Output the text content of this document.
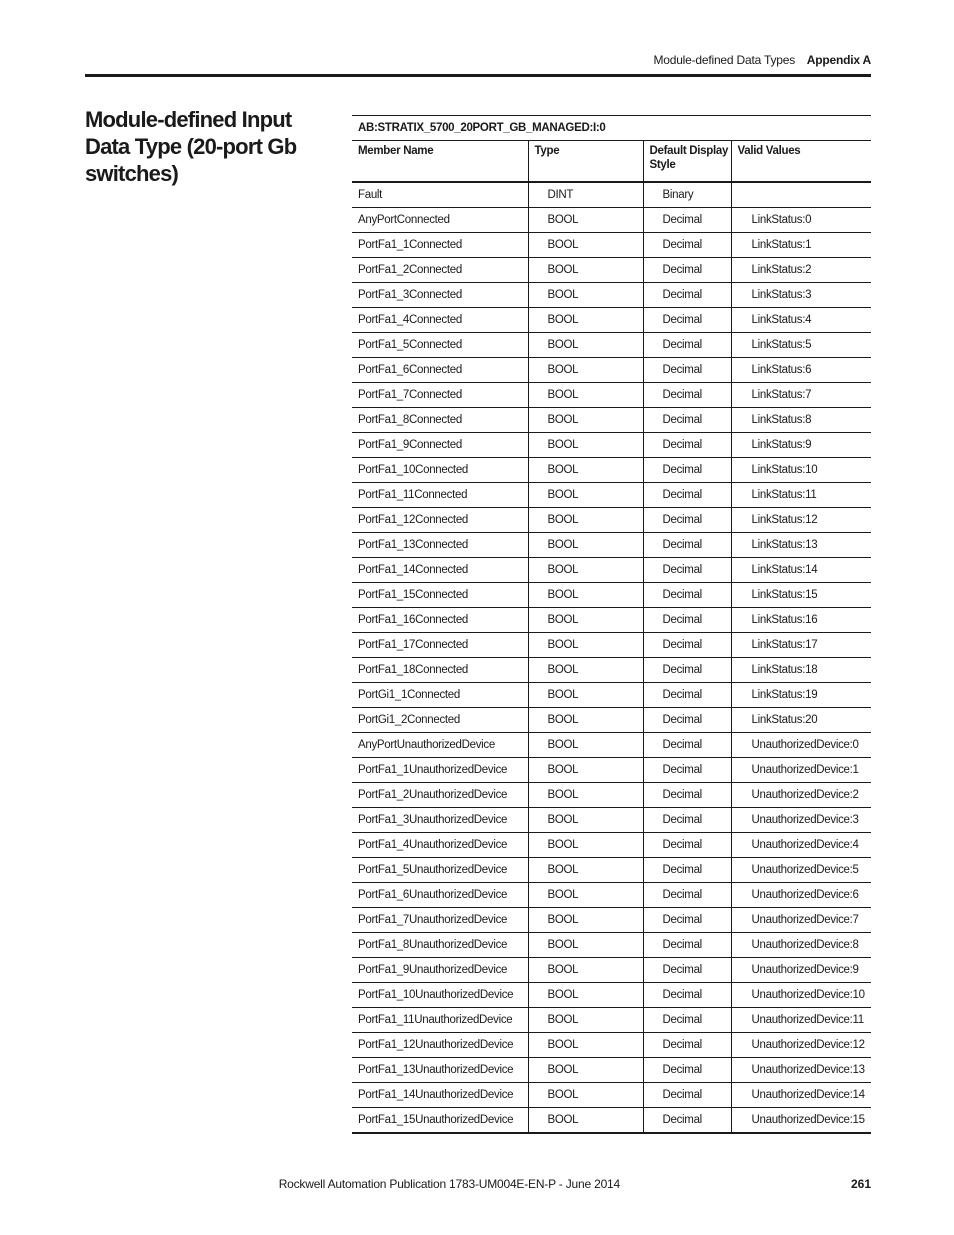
Module-defined Data Types Appendix A
Module-defined Input Data Type (20-port Gb switches)
AB:STRATIX_5700_20PORT_GB_MANAGED:I:0			
Member Name	Type	Default Display Style	Valid Values
Fault	DINT	Binary	
AnyPortConnected	BOOL	Decimal	LinkStatus:0
PortFa1_1Connected	BOOL	Decimal	LinkStatus:1
PortFa1_2Connected	BOOL	Decimal	LinkStatus:2
PortFa1_3Connected	BOOL	Decimal	LinkStatus:3
PortFa1_4Connected	BOOL	Decimal	LinkStatus:4
PortFa1_5Connected	BOOL	Decimal	LinkStatus:5
PortFa1_6Connected	BOOL	Decimal	LinkStatus:6
PortFa1_7Connected	BOOL	Decimal	LinkStatus:7
PortFa1_8Connected	BOOL	Decimal	LinkStatus:8
PortFa1_9Connected	BOOL	Decimal	LinkStatus:9
PortFa1_10Connected	BOOL	Decimal	LinkStatus:10
PortFa1_11Connected	BOOL	Decimal	LinkStatus:11
PortFa1_12Connected	BOOL	Decimal	LinkStatus:12
PortFa1_13Connected	BOOL	Decimal	LinkStatus:13
PortFa1_14Connected	BOOL	Decimal	LinkStatus:14
PortFa1_15Connected	BOOL	Decimal	LinkStatus:15
PortFa1_16Connected	BOOL	Decimal	LinkStatus:16
PortFa1_17Connected	BOOL	Decimal	LinkStatus:17
PortFa1_18Connected	BOOL	Decimal	LinkStatus:18
PortGi1_1Connected	BOOL	Decimal	LinkStatus:19
PortGi1_2Connected	BOOL	Decimal	LinkStatus:20
AnyPortUnauthorizedDevice	BOOL	Decimal	UnauthorizedDevice:0
PortFa1_1UnauthorizedDevice	BOOL	Decimal	UnauthorizedDevice:1
PortFa1_2UnauthorizedDevice	BOOL	Decimal	UnauthorizedDevice:2
PortFa1_3UnauthorizedDevice	BOOL	Decimal	UnauthorizedDevice:3
PortFa1_4UnauthorizedDevice	BOOL	Decimal	UnauthorizedDevice:4
PortFa1_5UnauthorizedDevice	BOOL	Decimal	UnauthorizedDevice:5
PortFa1_6UnauthorizedDevice	BOOL	Decimal	UnauthorizedDevice:6
PortFa1_7UnauthorizedDevice	BOOL	Decimal	UnauthorizedDevice:7
PortFa1_8UnauthorizedDevice	BOOL	Decimal	UnauthorizedDevice:8
PortFa1_9UnauthorizedDevice	BOOL	Decimal	UnauthorizedDevice:9
PortFa1_10UnauthorizedDevice	BOOL	Decimal	UnauthorizedDevice:10
PortFa1_11UnauthorizedDevice	BOOL	Decimal	UnauthorizedDevice:11
PortFa1_12UnauthorizedDevice	BOOL	Decimal	UnauthorizedDevice:12
PortFa1_13UnauthorizedDevice	BOOL	Decimal	UnauthorizedDevice:13
PortFa1_14UnauthorizedDevice	BOOL	Decimal	UnauthorizedDevice:14
PortFa1_15UnauthorizedDevice	BOOL	Decimal	UnauthorizedDevice:15
Rockwell Automation Publication 1783-UM004E-EN-P - June 2014	261
